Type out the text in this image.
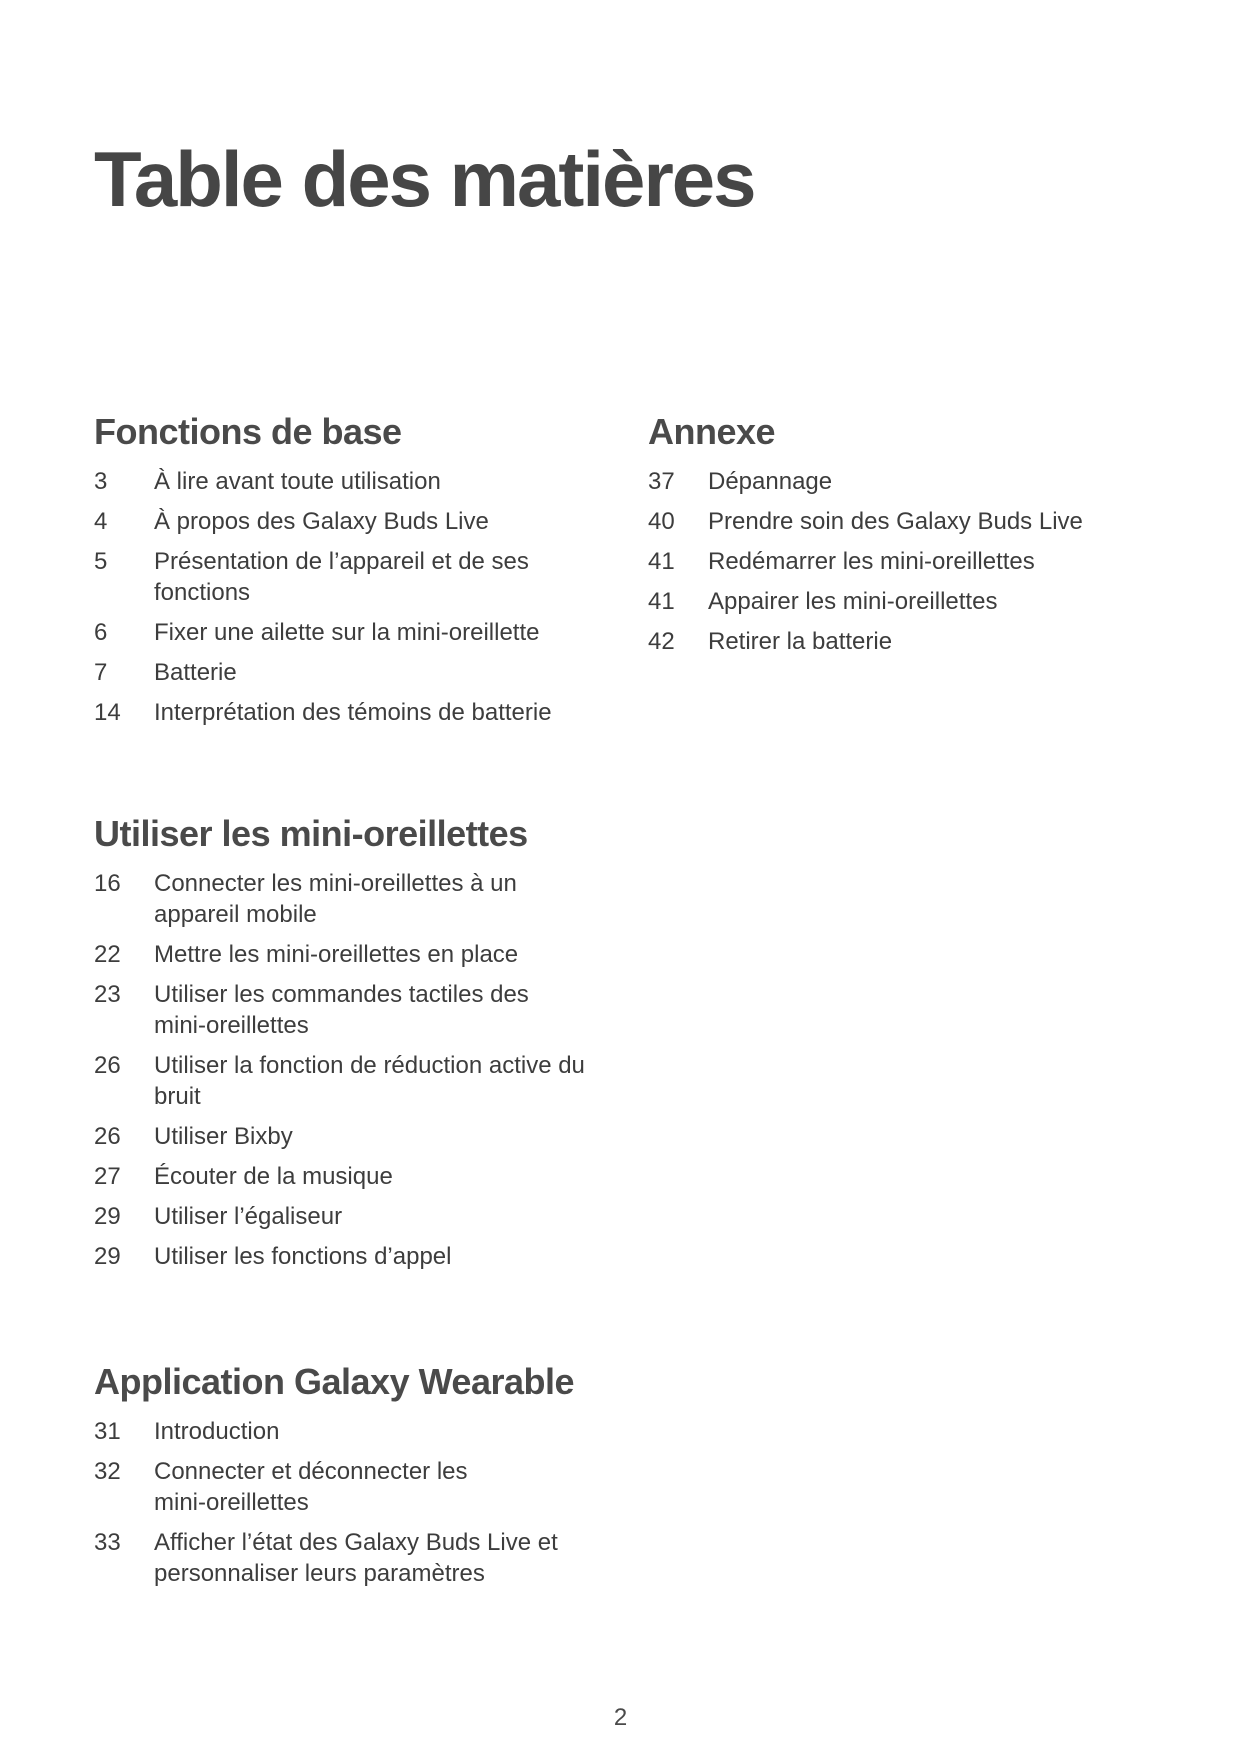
Table des matières
Fonctions de base
3	À lire avant toute utilisation
4	À propos des Galaxy Buds Live
5	Présentation de l’appareil et de ses fonctions
6	Fixer une ailette sur la mini-oreillette
7	Batterie
14	Interprétation des témoins de batterie
Utiliser les mini-oreillettes
16	Connecter les mini-oreillettes à un appareil mobile
22	Mettre les mini-oreillettes en place
23	Utiliser les commandes tactiles des mini-oreillettes
26	Utiliser la fonction de réduction active du bruit
26	Utiliser Bixby
27	Écouter de la musique
29	Utiliser l’égaliseur
29	Utiliser les fonctions d’appel
Application Galaxy Wearable
31	Introduction
32	Connecter et déconnecter les mini-oreillettes
33	Afficher l’état des Galaxy Buds Live et personnaliser leurs paramètres
Annexe
37	Dépannage
40	Prendre soin des Galaxy Buds Live
41	Redémarrer les mini-oreillettes
41	Appairer les mini-oreillettes
42	Retirer la batterie
2
